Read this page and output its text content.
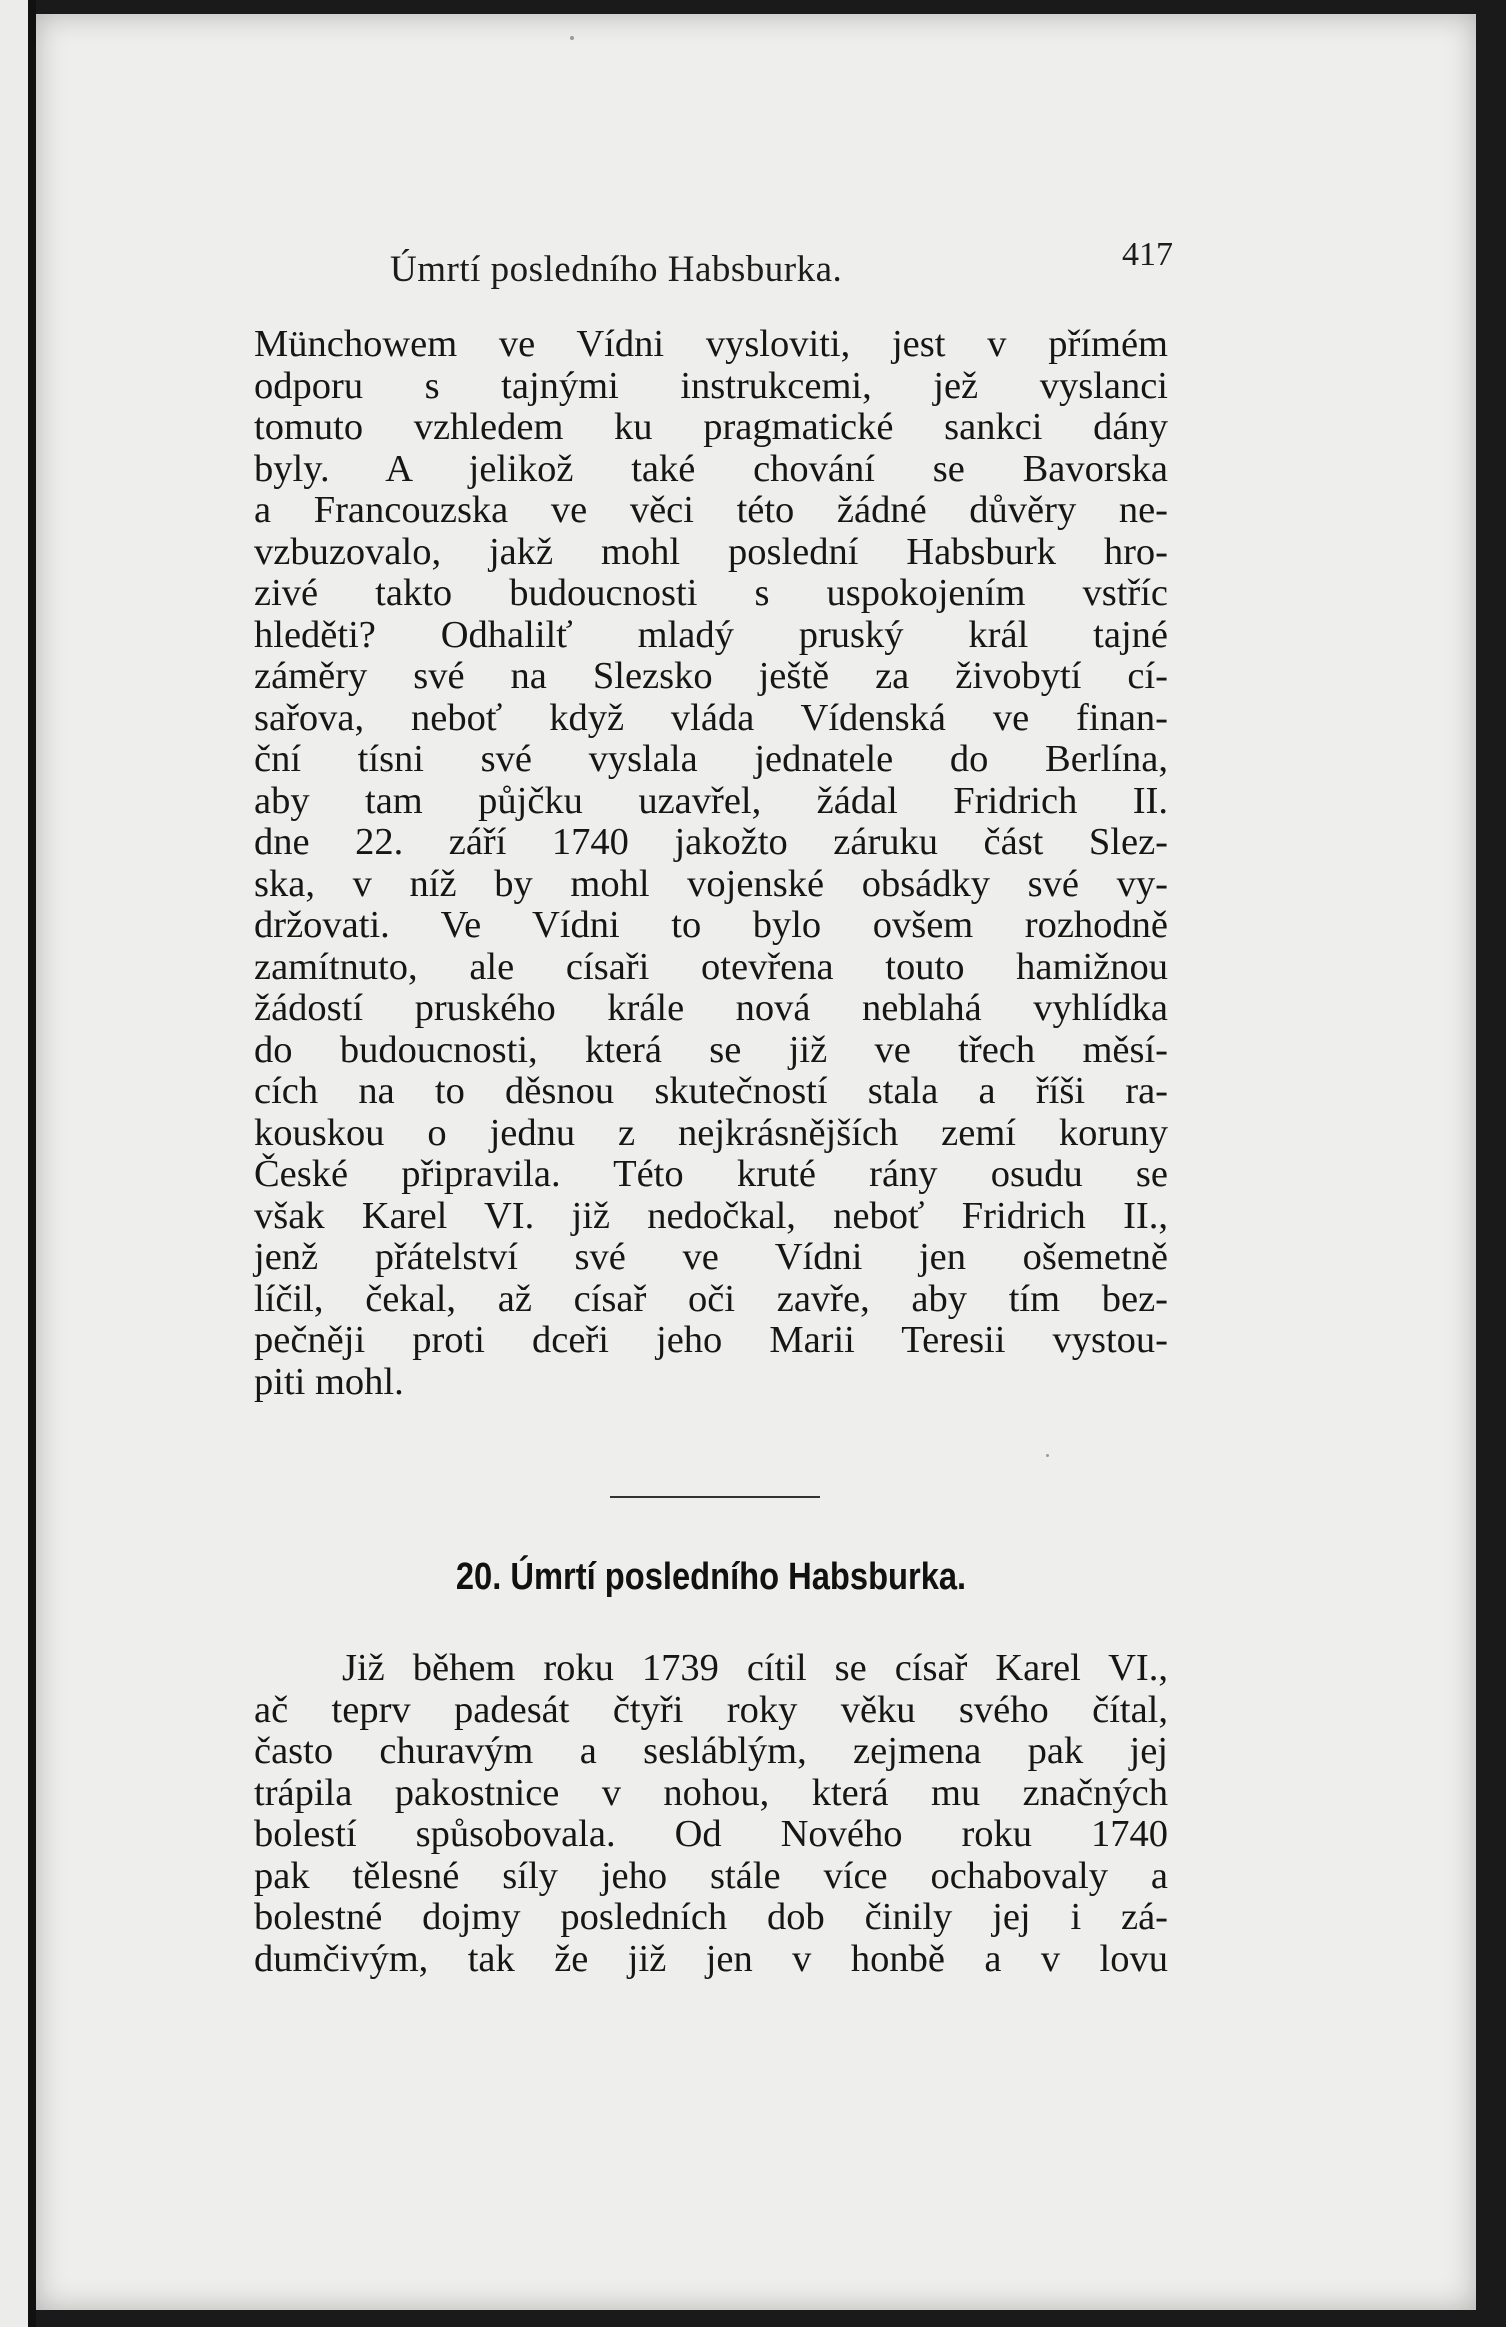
Úmrtí posledního Habsburka.	417
Münchowem ve Vídni vysloviti, jest v přímém
odporu s tajnými instrukcemi, jež vyslanci
tomuto vzhledem ku pragmatické sankci dány
byly. A jelikož také chování se Bavorska
a Francouzska ve věci této žádné důvěry ne-
vzbuzovalo, jakž mohl poslední Habsburk hro-
zivé takto budoucnosti s uspokojením vstříc
hleděti? Odhalilť mladý pruský král tajné
záměry své na Slezsko ještě za živobytí cí-
sařova, neboť když vláda Vídenská ve finan-
ční tísni své vyslala jednatele do Berlína,
aby tam půjčku uzavřel, žádal Fridrich II.
dne 22. září 1740 jakožto záruku část Slez-
ska, v níž by mohl vojenské obsádky své vy-
držovati. Ve Vídni to bylo ovšem rozhodně
zamítnuto, ale císaři otevřena touto hamižnou
žádostí pruského krále nová neblahá vyhlídka
do budoucnosti, která se již ve třech měsí-
cích na to děsnou skutečností stala a říši ra-
kouskou o jednu z nejkrásnějších zemí koruny
České připravila. Této kruté rány osudu se
však Karel VI. již nedočkal, neboť Fridrich II.,
jenž přátelství své ve Vídni jen ošemetně
líčil, čekal, až císař oči zavře, aby tím bez-
pečněji proti dceři jeho Marii Teresii vystou-
piti mohl.
20. Úmrtí posledního Habsburka.
Již během roku 1739 cítil se císař Karel VI.,
ač teprv padesát čtyři roky věku svého čítal,
často churavým a sesláblým, zejmena pak jej
trápila pakostnice v nohou, která mu značných
bolestí spůsobovala. Od Nového roku 1740
pak tělesné síly jeho stále více ochabovaly a
bolestné dojmy posledních dob činily jej i zá-
dumčivým, tak že již jen v honbě a v lovu
